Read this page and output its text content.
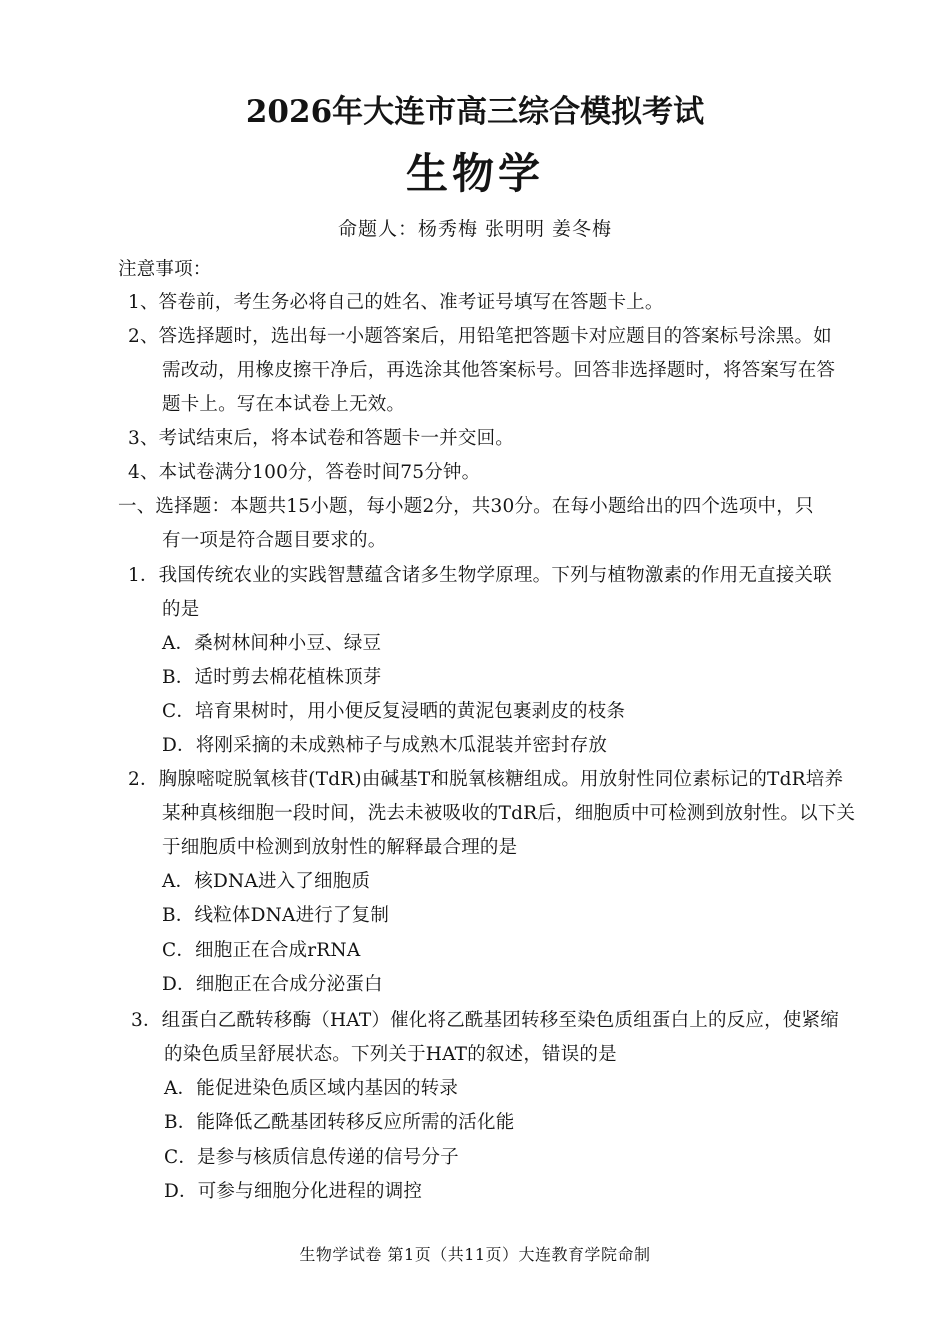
2026年大连市高三综合模拟考试
生物学
命题人：杨秀梅 张明明 姜冬梅
注意事项：
1、答卷前，考生务必将自己的姓名、准考证号填写在答题卡上。
2、答选择题时，选出每一小题答案后，用铅笔把答题卡对应题目的答案标号涂黑。如
需改动，用橡皮擦干净后，再选涂其他答案标号。回答非选择题时，将答案写在答
题卡上。写在本试卷上无效。
3、考试结束后，将本试卷和答题卡一并交回。
4、本试卷满分100分，答卷时间75分钟。
一、选择题：本题共15小题，每小题2分，共30分。在每小题给出的四个选项中，只
有一项是符合题目要求的。
1．我国传统农业的实践智慧蕴含诸多生物学原理。下列与植物激素的作用无直接关联
的是
A．桑树林间种小豆、绿豆
B．适时剪去棉花植株顶芽
C．培育果树时，用小便反复浸晒的黄泥包裹剥皮的枝条
D．将刚采摘的未成熟柿子与成熟木瓜混装并密封存放
2．胸腺嘧啶脱氧核苷(TdR)由碱基T和脱氧核糖组成。用放射性同位素标记的TdR培养
某种真核细胞一段时间，洗去未被吸收的TdR后，细胞质中可检测到放射性。以下关
于细胞质中检测到放射性的解释最合理的是
A．核DNA进入了细胞质
B．线粒体DNA进行了复制
C．细胞正在合成rRNA
D．细胞正在合成分泌蛋白
3．组蛋白乙酰转移酶（HAT）催化将乙酰基团转移至染色质组蛋白上的反应，使紧缩
的染色质呈舒展状态。下列关于HAT的叙述，错误的是
A．能促进染色质区域内基因的转录
B．能降低乙酰基团转移反应所需的活化能
C．是参与核质信息传递的信号分子
D．可参与细胞分化进程的调控
生物学试卷 第1页（共11页）大连教育学院命制
